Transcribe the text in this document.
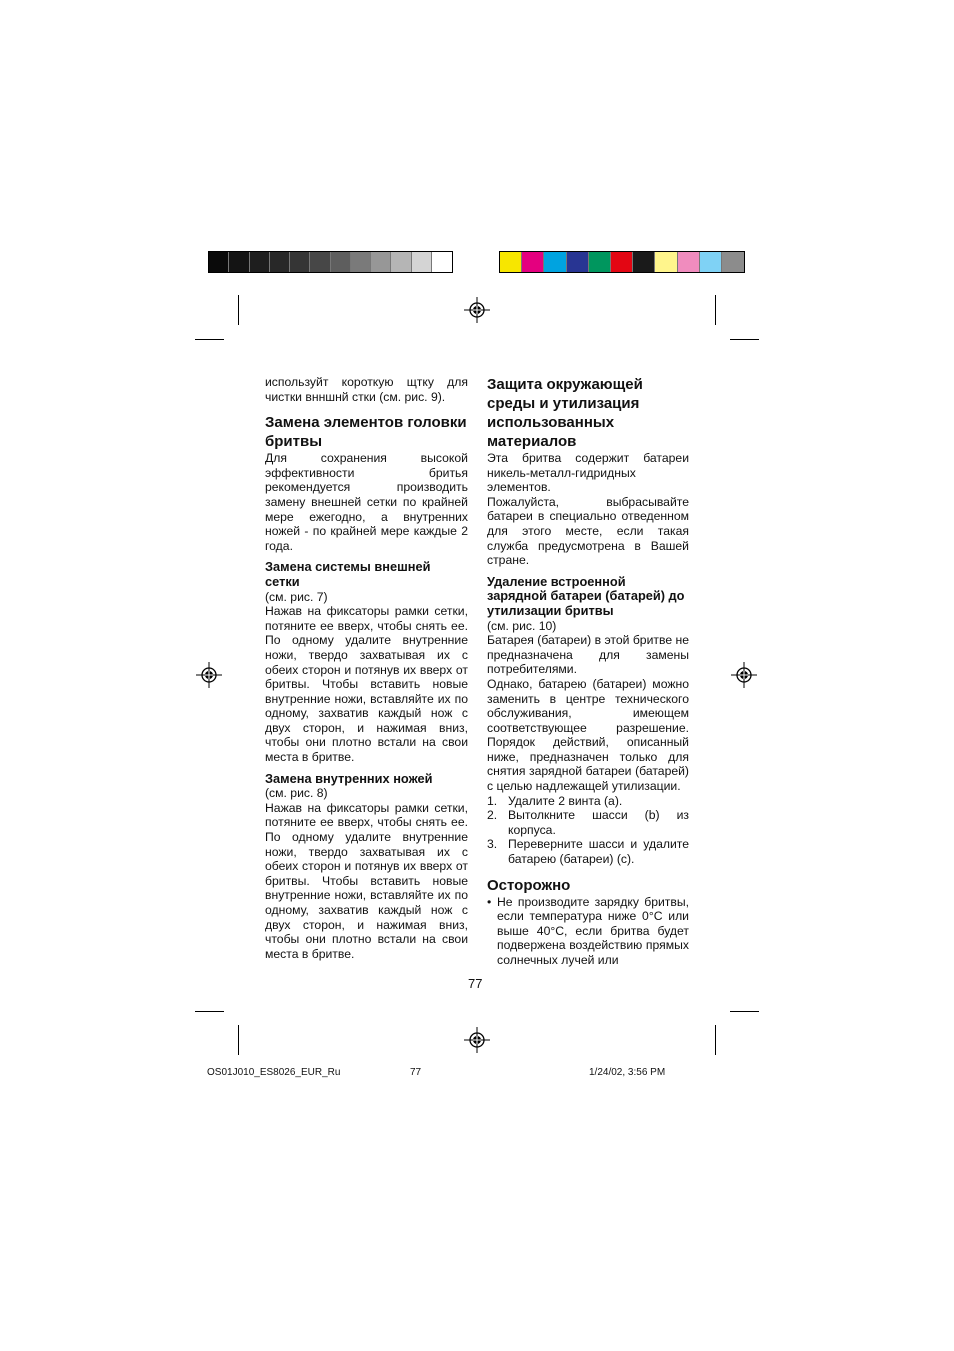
используйт короткую щтку для чистки внншнй стки (см. рис. 9).

Замена элементов головки бритвы

Для сохранения высокой эффективности бритья рекомендуется производить замену внешней сетки по крайней мере ежегодно, а внутренних ножей - по крайней мере каждые 2 года.

Замена системы внешней сетки

(см. рис. 7)

Нажав на фиксаторы рамки сетки, потяните ее вверх, чтобы снять ее. По одному удалите внутренние ножи, твердо захватывая их с обеих сторон и потянув их вверх от бритвы. Чтобы вставить новые внутренние ножи, вставляйте их по одному, захватив каждый нож с двух сторон, и нажимая вниз, чтобы они плотно встали на свои места в бритве.

Замена внутренних ножей

(см. рис. 8)

Нажав на фиксаторы рамки сетки, потяните ее вверх, чтобы снять ее. По одному удалите внутренние ножи, твердо захватывая их с обеих сторон и потянув их вверх от бритвы. Чтобы вставить новые внутренние ножи, вставляйте их по одному, захватив каждый нож с двух сторон, и нажимая вниз, чтобы они плотно встали на свои места в бритве.

Защита окружающей среды и утилизация использованных материалов

Эта бритва содержит батареи никель-металл-гидридных элементов.

Пожалуйста, выбрасывайте батареи в специально отведенном для этого месте, если такая служба предусмотрена в Вашей стране.

Удаление встроенной зарядной батареи (батарей) до утилизации бритвы

(см. рис. 10)

Батарея (батареи) в этой бритве не предназначена для замены потребителями.

Однако, батарею (батареи) можно заменить в центре технического обслуживания, имеющем соответствующее разрешение. Порядок действий, описанный ниже, предназначен только для снятия зарядной батареи (батарей) с целью надлежащей утилизации.

1. Удалите 2 винта (a).
2. Вытолкните шасси (b) из корпуса.
3. Переверните шасси и удалите батарею (батареи) (c).
Осторожно
• Не производите зарядку бритвы, если температура ниже 0°C или выше 40°C, если бритва будет подвержена воздействию прямых солнечных лучей или
77
OS01J010_ES8026_EUR_Ru	77	1/24/02, 3:56 PM
